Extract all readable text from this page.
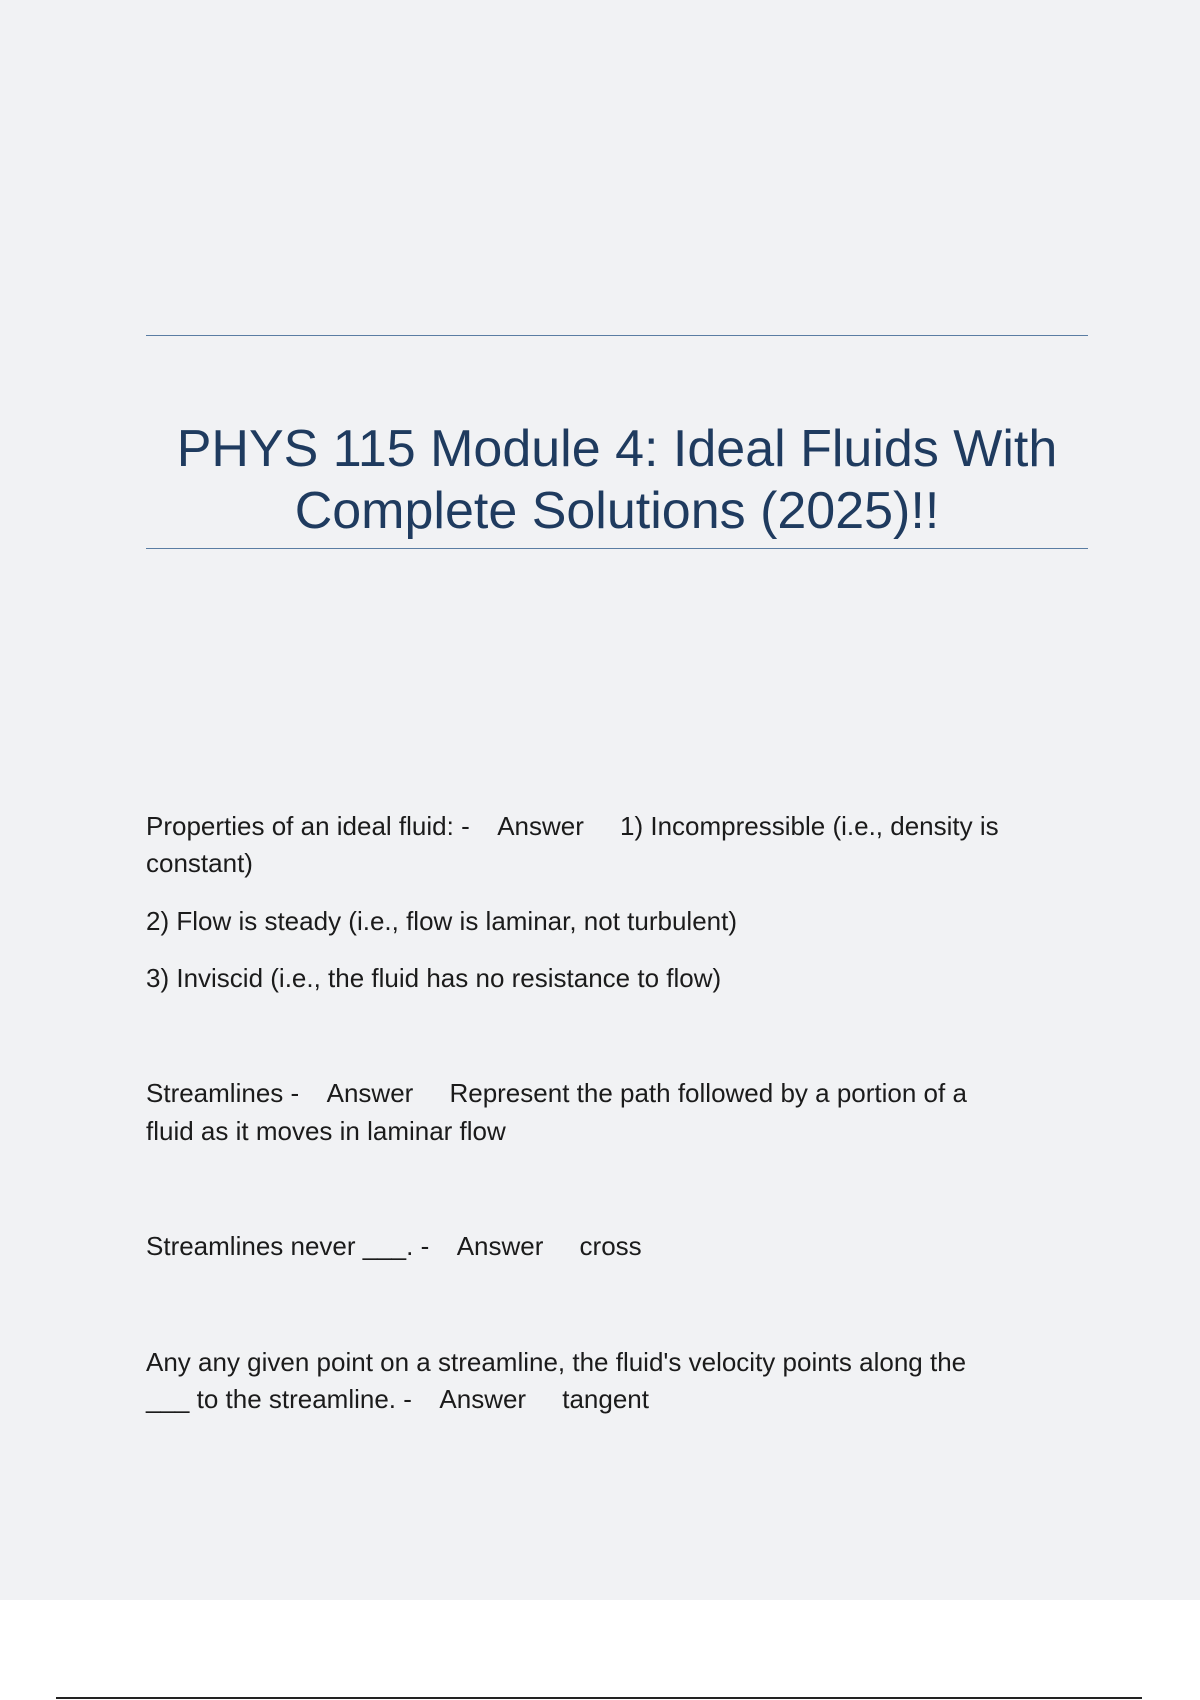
PHYS 115 Module 4: Ideal Fluids With
Complete Solutions (2025)!!

Properties of an ideal fluid: - Answer 1) Incompressible (i.e., density is

constant)

2) Flow is steady (i.e., flow is laminar, not turbulent)

3) Inviscid (i.e., the fluid has no resistance to flow)

Streamlines - Answer Represent the path followed by a portion of a

fluid as it moves in laminar flow

Streamlines never ___. - Answer cross

Any any given point on a streamline, the fluid's velocity points along the

___ to the streamline. - Answer tangent
